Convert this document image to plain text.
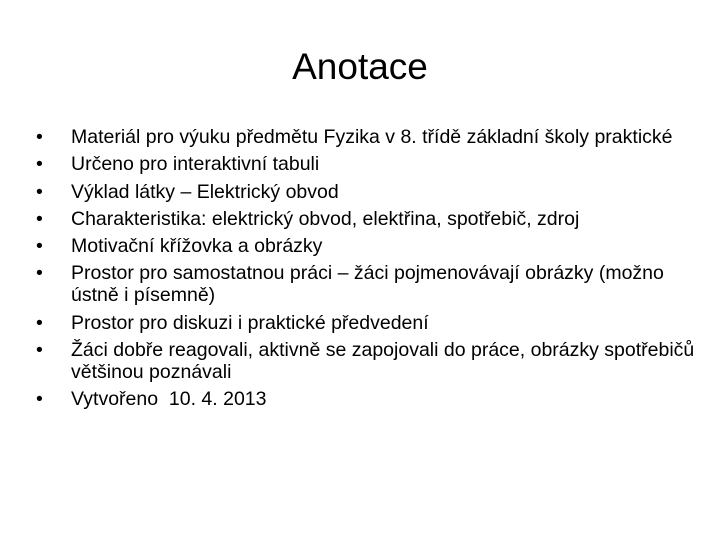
Anotace
•	Materiál pro výuku předmětu Fyzika v 8. třídě základní školy praktické
•	Určeno pro interaktivní tabuli
•	Výklad látky – Elektrický obvod
•	Charakteristika: elektrický obvod, elektřina, spotřebič, zdroj
•	Motivační křížovka a obrázky
•	Prostor pro samostatnou práci – žáci pojmenovávají obrázky (možno ústně i písemně)
•	Prostor pro diskuzi i praktické předvedení
•	Žáci dobře reagovali, aktivně se zapojovali do práce, obrázky spotřebičů většinou poznávali
•	Vytvořeno  10. 4. 2013
